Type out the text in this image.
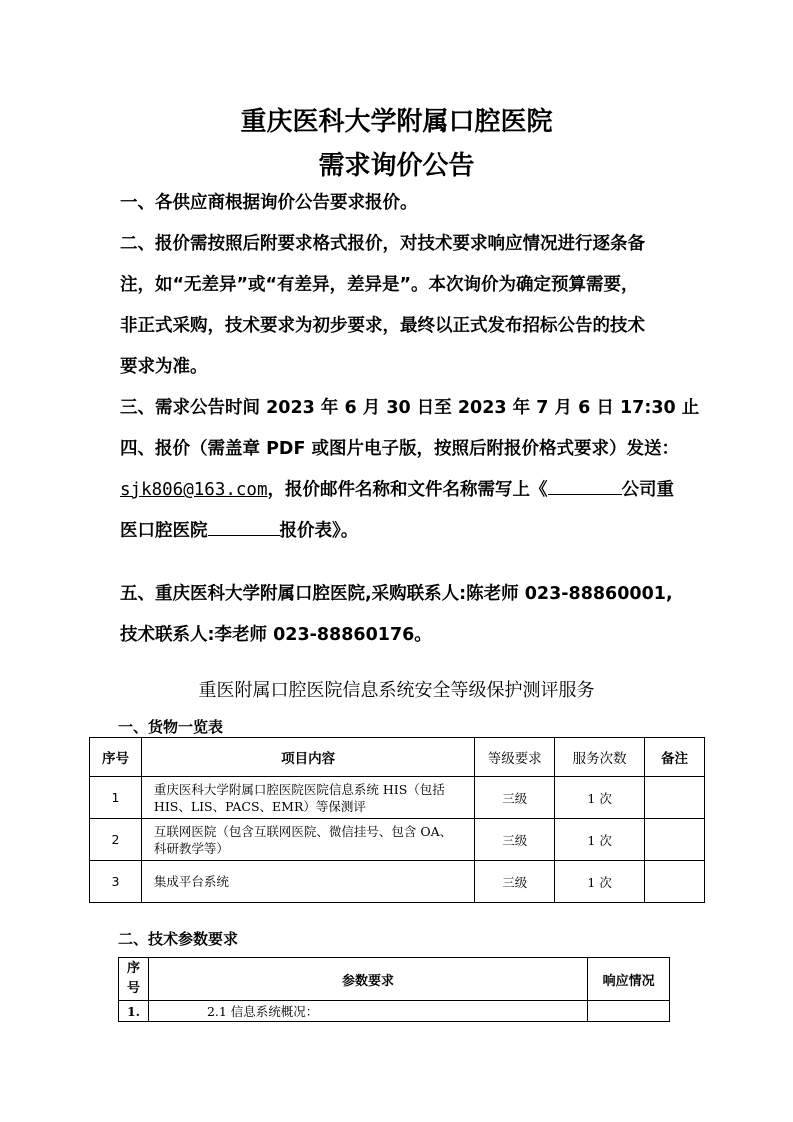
重庆医科大学附属口腔医院
需求询价公告
一、各供应商根据询价公告要求报价。
二、报价需按照后附要求格式报价，对技术要求响应情况进行逐条备
注，如“无差异”或“有差异，差异是”。本次询价为确定预算需要，
非正式采购，技术要求为初步要求，最终以正式发布招标公告的技术
要求为准。
三、需求公告时间 2023 年 6 月 30 日至 2023 年 7 月 6 日 17:30 止
四、报价（需盖章 PDF 或图片电子版，按照后附报价格式要求）发送：
sjk806@163.com，报价邮件名称和文件名称需写上《	公司重
医口腔医院	报价表》。
五、重庆医科大学附属口腔医院,采购联系人:陈老师 023-88860001,
技术联系人:李老师 023-88860176。
重医附属口腔医院信息系统安全等级保护测评服务
一、货物一览表
序号	项目内容	等级要求	服务次数	备注
1	重庆医科大学附属口腔医院医院信息系统 HIS（包括
HIS、LIS、PACS、EMR）等保测评	三级	1 次	
2	互联网医院（包含互联网医院、微信挂号、包含 OA、
科研教学等）	三级	1 次	
3	集成平台系统	三级	1 次	
二、技术参数要求
序
号	参数要求	响应情况
1.	2.1 信息系统概况：	
